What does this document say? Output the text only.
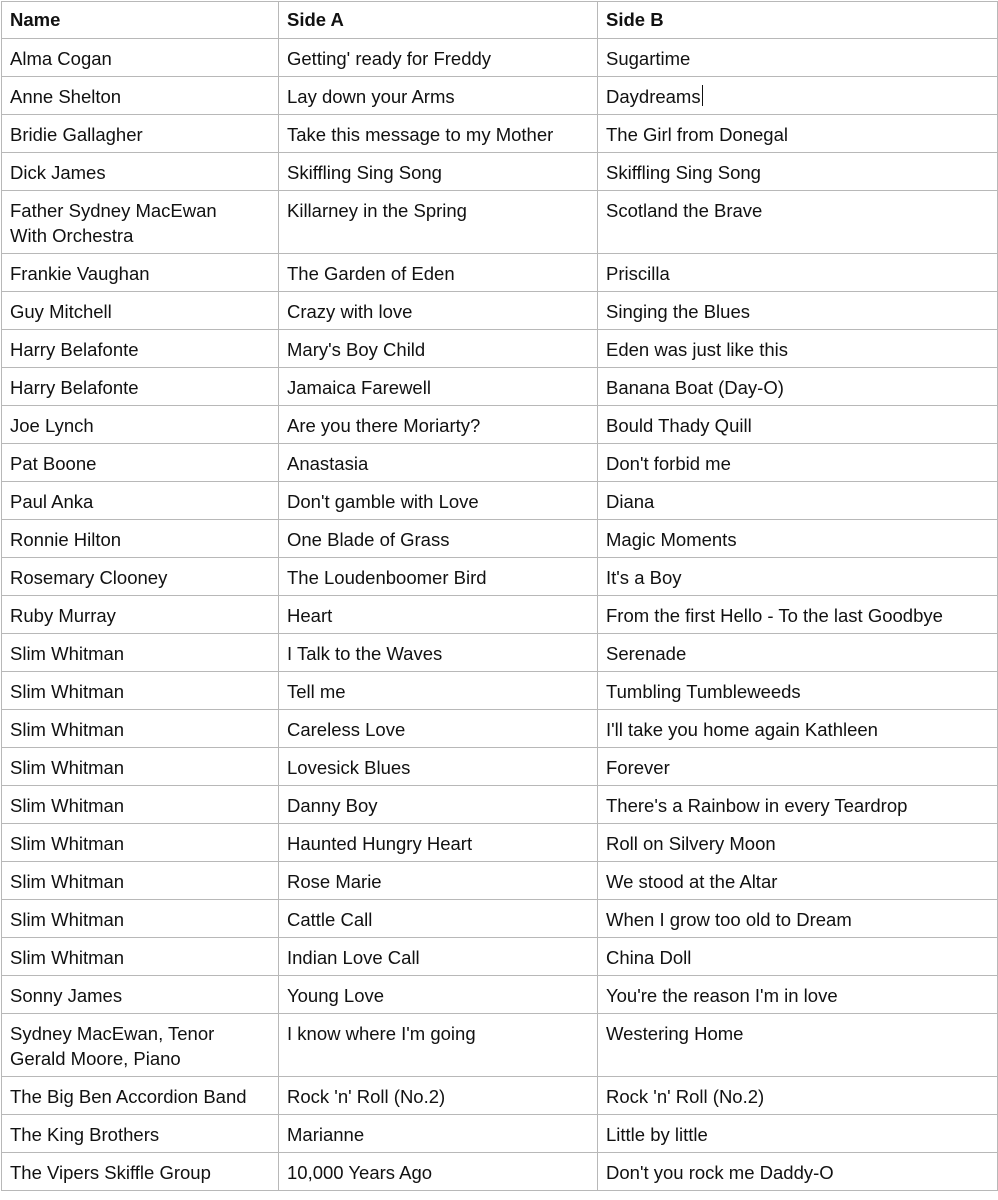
Name	Side A	Side B
Alma Cogan	Getting' ready for Freddy	Sugartime
Anne Shelton	Lay down your Arms	Daydreams
Bridie Gallagher	Take this message to my Mother	The Girl from Donegal
Dick James	Skiffling Sing Song	Skiffling Sing Song

Father Sydney MacEwan
With Orchestra	Killarney in the Spring	Scotland the Brave
Frankie Vaughan	The Garden of Eden	Priscilla
Guy Mitchell	Crazy with love	Singing the Blues
Harry Belafonte	Mary's Boy Child	Eden was just like this
Harry Belafonte	Jamaica Farewell	Banana Boat (Day-O)
Joe Lynch	Are you there Moriarty?	Bould Thady Quill
Pat Boone	Anastasia	Don't forbid me
Paul Anka	Don't gamble with Love	Diana
Ronnie Hilton	One Blade of Grass	Magic Moments
Rosemary Clooney	The Loudenboomer Bird	It's a Boy
Ruby Murray	Heart	From the first Hello - To the last Goodbye
Slim Whitman	I Talk to the Waves	Serenade
Slim Whitman	Tell me	Tumbling Tumbleweeds
Slim Whitman	Careless Love	I'll take you home again Kathleen
Slim Whitman	Lovesick Blues	Forever
Slim Whitman	Danny Boy	There's a Rainbow in every Teardrop
Slim Whitman	Haunted Hungry Heart	Roll on Silvery Moon
Slim Whitman	Rose Marie	We stood at the Altar
Slim Whitman	Cattle Call	When I grow too old to Dream
Slim Whitman	Indian Love Call	China Doll
Sonny James	Young Love	You're the reason I'm in love

Sydney MacEwan, Tenor
Gerald Moore, Piano	I know where I'm going	Westering Home
The Big Ben Accordion Band	Rock 'n' Roll (No.2)	Rock 'n' Roll (No.2)
The King Brothers	Marianne	Little by little
The Vipers Skiffle Group	10,000 Years Ago	Don't you rock me Daddy-O
